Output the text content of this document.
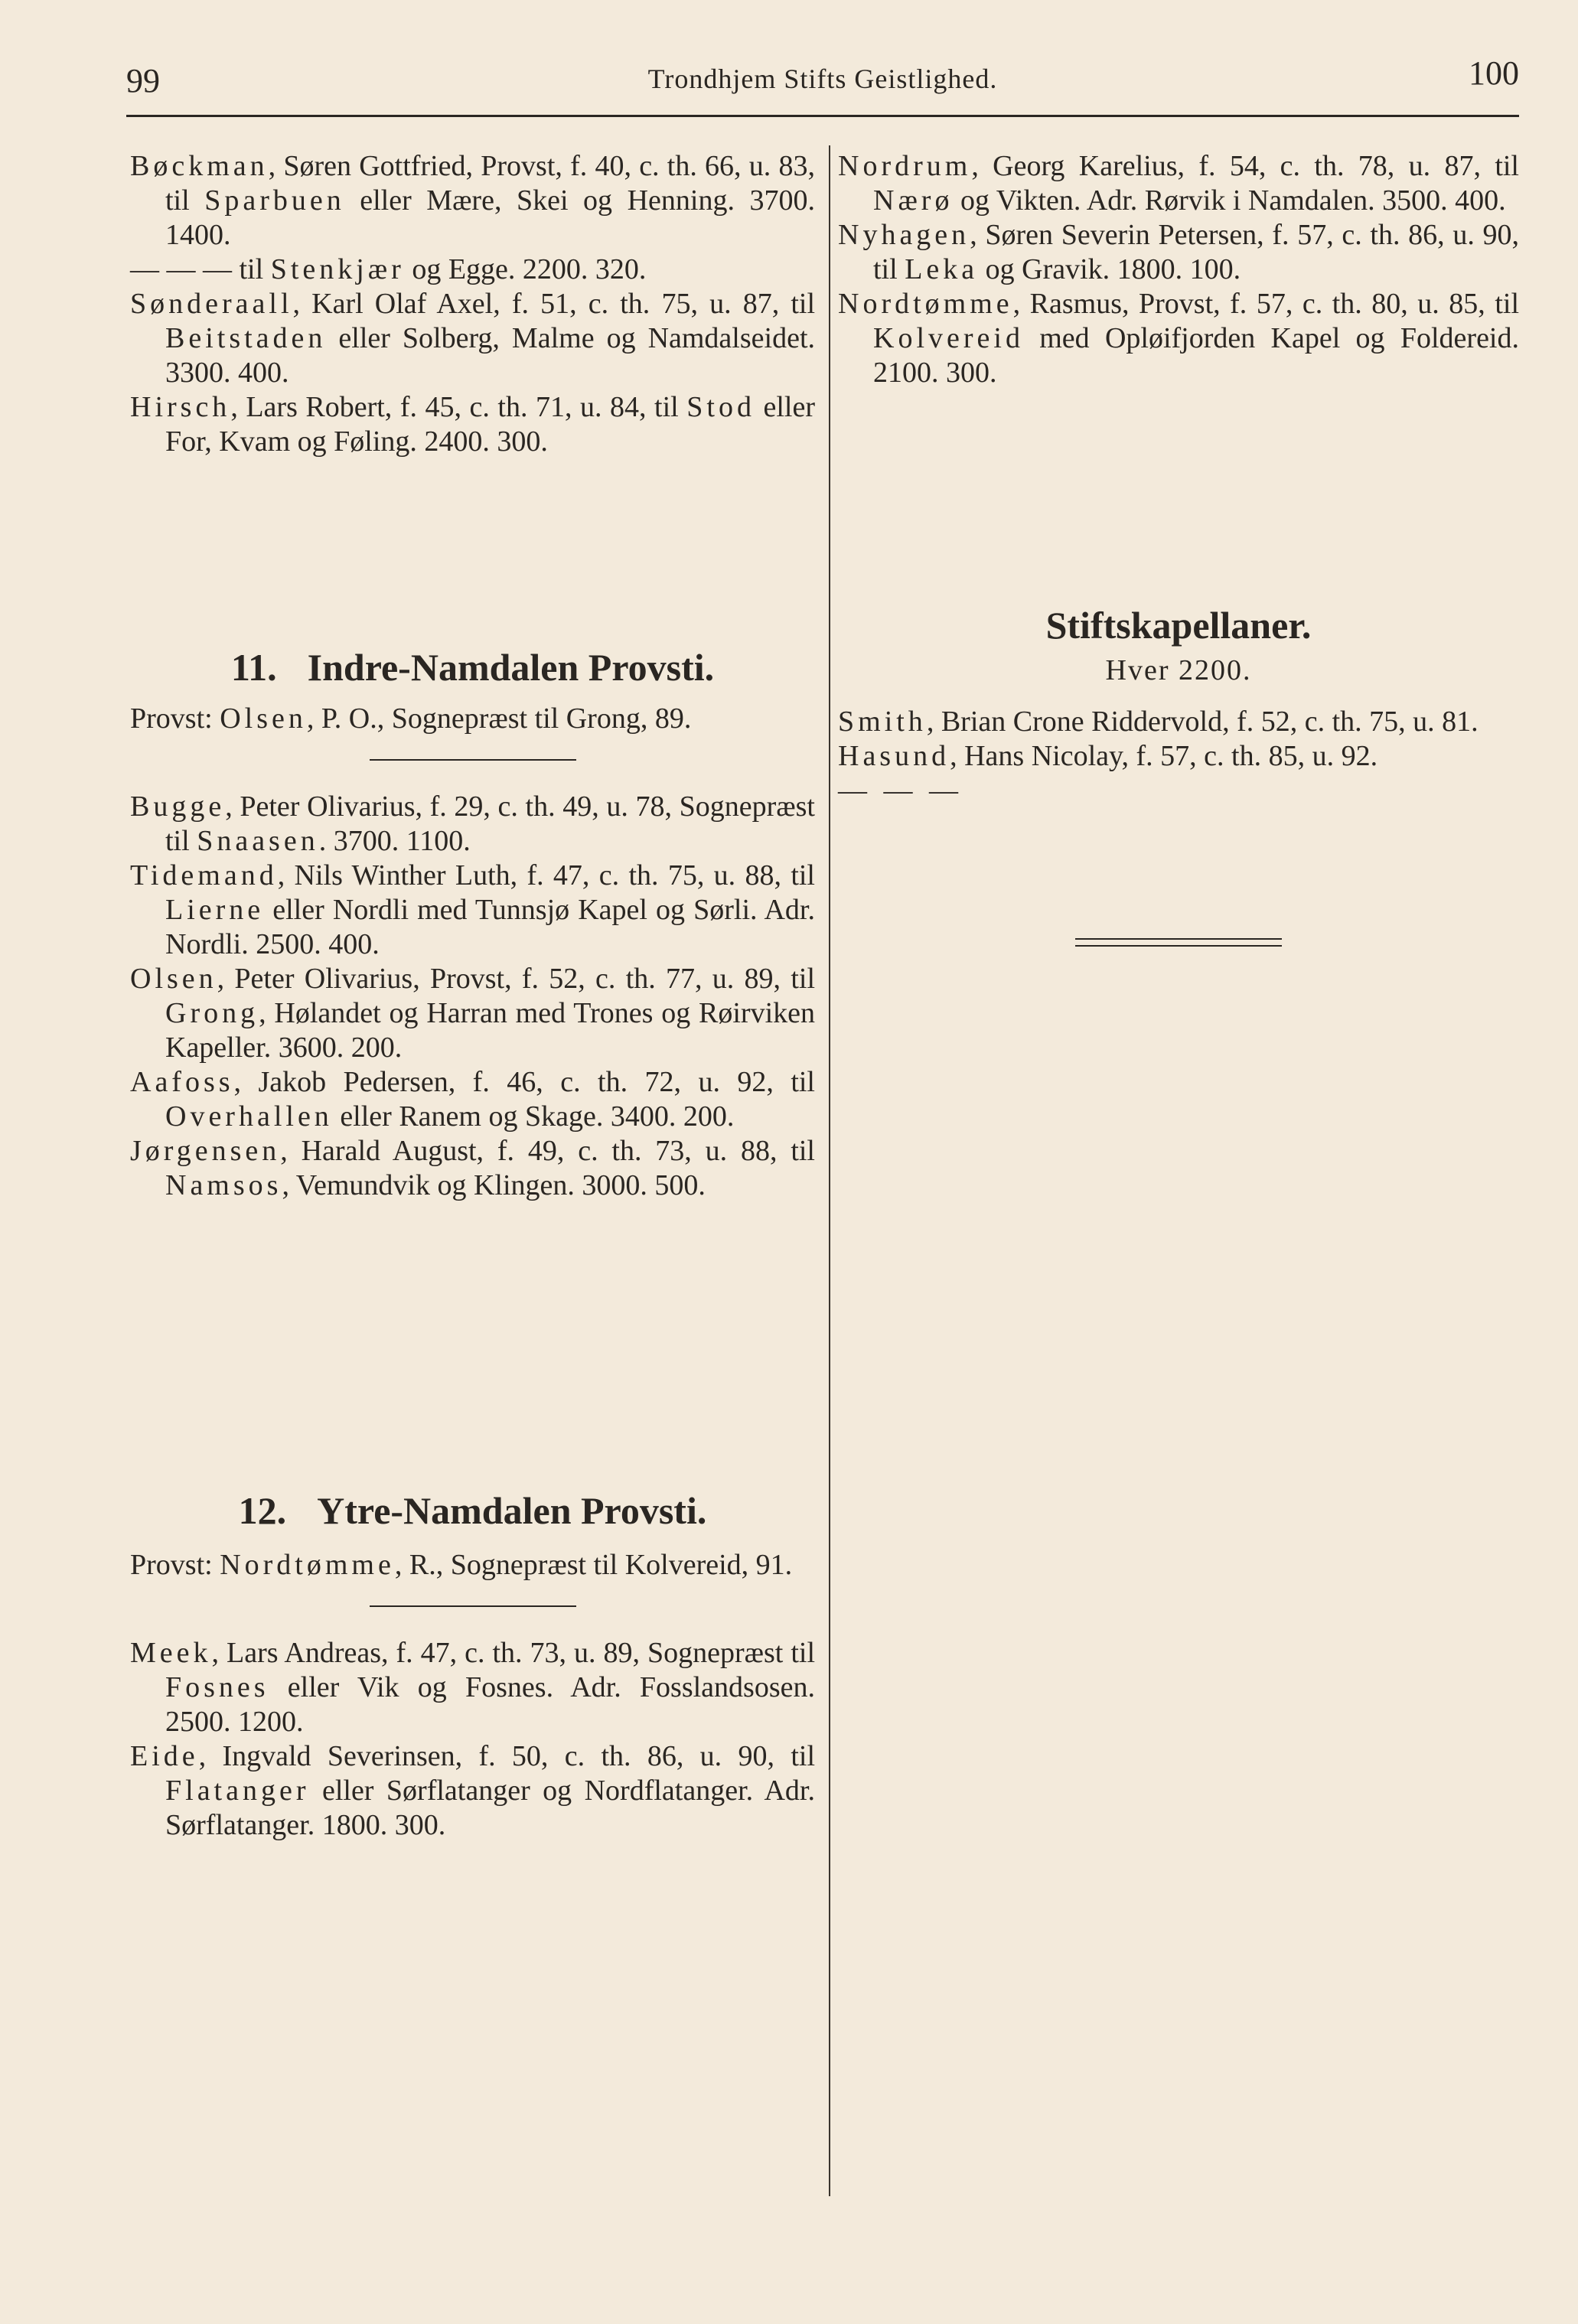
99	Trondhjem Stifts Geistlighed.	100

Bøckman, Søren Gottfried, Provst, f. 40, c. th. 66, u. 83, til Sparbuen eller Mære, Skei og Henning. 3700. 1400.

— — — til Stenkjær og Egge. 2200. 320.

Sønderaall, Karl Olaf Axel, f. 51, c. th. 75, u. 87, til Beitstaden eller Solberg, Malme og Namdalseidet. 3300. 400.

Hirsch, Lars Robert, f. 45, c. th. 71, u. 84, til Stod eller For, Kvam og Føling. 2400. 300.

11. Indre-Namdalen Provsti.

Provst: Olsen, P. O., Sognepræst til Grong, 89.

Bugge, Peter Olivarius, f. 29, c. th. 49, u. 78, Sognepræst til Snaasen. 3700. 1100.

Tidemand, Nils Winther Luth, f. 47, c. th. 75, u. 88, til Lierne eller Nordli med Tunnsjø Kapel og Sørli. Adr. Nordli. 2500. 400.

Olsen, Peter Olivarius, Provst, f. 52, c. th. 77, u. 89, til Grong, Hølandet og Harran med Trones og Røirviken Kapeller. 3600. 200.

Aafoss, Jakob Pedersen, f. 46, c. th. 72, u. 92, til Overhallen eller Ranem og Skage. 3400. 200.

Jørgensen, Harald August, f. 49, c. th. 73, u. 88, til Namsos, Vemundvik og Klingen. 3000. 500.

12. Ytre-Namdalen Provsti.

Provst: Nordtømme, R., Sognepræst til Kolvereid, 91.

Meek, Lars Andreas, f. 47, c. th. 73, u. 89, Sognepræst til Fosnes eller Vik og Fosnes. Adr. Fosslandsosen. 2500. 1200.

Eide, Ingvald Severinsen, f. 50, c. th. 86, u. 90, til Flatanger eller Sørflatanger og Nordflatanger. Adr. Sørflatanger. 1800. 300.

Nordrum, Georg Karelius, f. 54, c. th. 78, u. 87, til Nærø og Vikten. Adr. Rørvik i Namdalen. 3500. 400.

Nyhagen, Søren Severin Petersen, f. 57, c. th. 86, u. 90, til Leka og Gravik. 1800. 100.

Nordtømme, Rasmus, Provst, f. 57, c. th. 80, u. 85, til Kolvereid med Opløifjorden Kapel og Foldereid. 2100. 300.

Stiftskapellaner.

Hver 2200.

Smith, Brian Crone Riddervold, f. 52, c. th. 75, u. 81.

Hasund, Hans Nicolay, f. 57, c. th. 85, u. 92.

— — —
